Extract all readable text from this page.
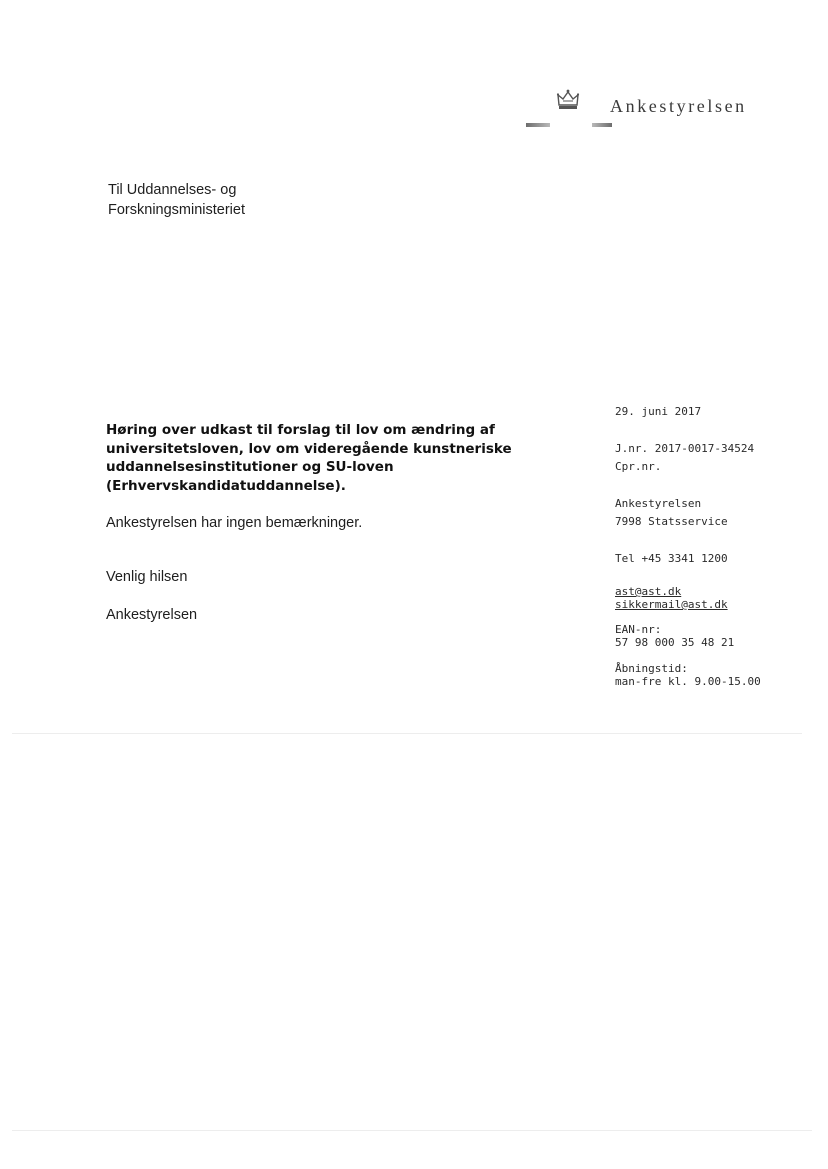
Ankestyrelsen
Til Uddannelses- og
Forskningsministeriet
Høring over udkast til forslag til lov om ændring af universitetsloven, lov om videregående kunstneriske uddannelsesinstitutioner og SU-loven (Erhvervskandidatuddannelse).
Ankestyrelsen har ingen bemærkninger.
Venlig hilsen
Ankestyrelsen
29. juni 2017
J.nr. 2017-0017-34524
Cpr.nr.
Ankestyrelsen
7998 Statsservice
Tel +45 3341 1200
ast@ast.dk
sikkermail@ast.dk
EAN-nr:
57 98 000 35 48 21
Åbningstid:
man-fre kl. 9.00-15.00
